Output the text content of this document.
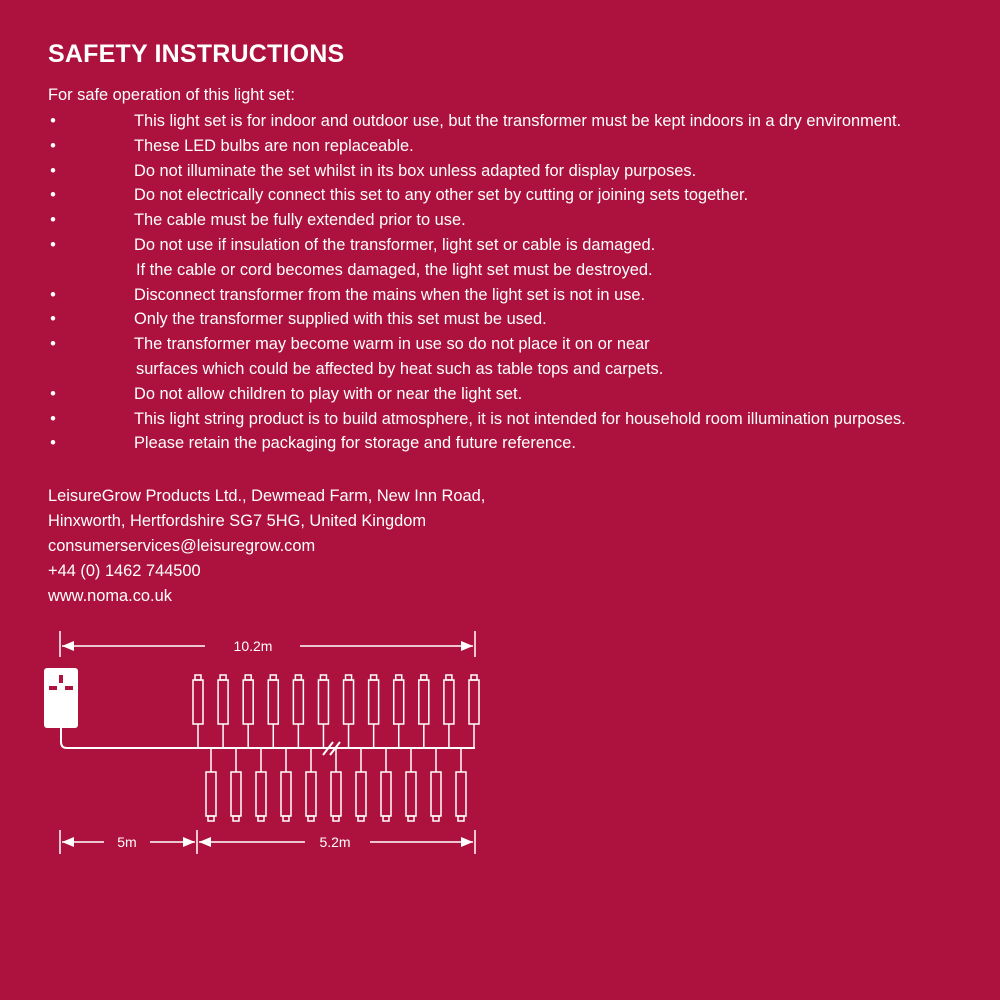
SAFETY INSTRUCTIONS

For safe operation of this light set:

•	This light set is for indoor and outdoor use, but the transformer must be kept indoors in a dry environment.
•	These LED bulbs are non replaceable.
•	Do not illuminate the set whilst in its box unless adapted for display purposes.
•	Do not electrically connect this set to any other set by cutting or joining sets together.
•	The cable must be fully extended prior to use.
•	Do not use if insulation of the transformer, light set or cable is damaged.
If the cable or cord becomes damaged, the light set must be destroyed.
•	Disconnect transformer from the mains when the light set is not in use.
•	Only the transformer supplied with this set must be used.
•	The transformer may become warm in use so do not place it on or near
surfaces which could be affected by heat such as table tops and carpets.
•	Do not allow children to play with or near the light set.
•	This light string product is to build atmosphere, it is not intended for household room illumination purposes.
•	Please retain the packaging for storage and future reference.
LeisureGrow Products Ltd., Dewmead Farm, New Inn Road,
Hinxworth, Hertfordshire SG7 5HG, United Kingdom
consumerservices@leisuregrow.com
+44 (0) 1462 744500
www.noma.co.uk
10.2m
5m	5.2m
